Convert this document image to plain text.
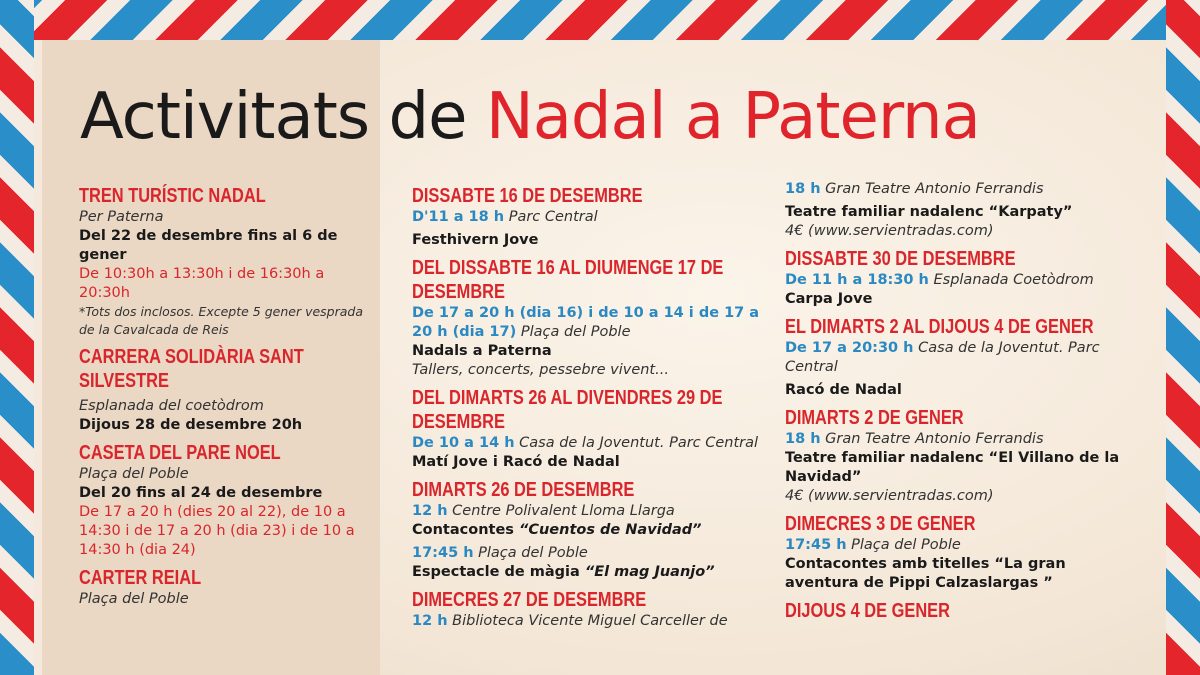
Activitats de Nadal a Paterna
TREN TURÍSTIC NADAL

Per Paterna

Del 22 de desembre fins al 6 de gener

De 10:30h a 13:30h i de 16:30h a 20:30h

*Tots dos inclosos. Excepte 5 gener vesprada de la Cavalcada de Reis

CARRERA SOLIDÀRIA SANT SILVESTRE

Esplanada del coetòdrom

Dijous 28 de desembre 20h

CASETA DEL PARE NOEL

Plaça del Poble

Del 20 fins al 24 de desembre

De 17 a 20 h (dies 20 al 22), de 10 a 14:30 i de 17 a 20 h (dia 23) i de 10 a 14:30 h (dia 24)

CARTER REIAL

Plaça del Poble

DISSABTE 16 DE DESEMBRE

D'11 a 18 h Parc Central

Festhivern Jove

DEL DISSABTE 16 AL DIUMENGE 17 DE DESEMBRE

De 17 a 20 h (dia 16) i de 10 a 14 i de 17 a 20 h (dia 17) Plaça del Poble

Nadals a Paterna

Tallers, concerts, pessebre vivent...

DEL DIMARTS 26 AL DIVENDRES 29 DE DESEMBRE

De 10 a 14 h Casa de la Joventut. Parc Central

Matí Jove i Racó de Nadal

DIMARTS 26 DE DESEMBRE

12 h Centre Polivalent Lloma Llarga

Contacontes “Cuentos de Navidad”

17:45 h Plaça del Poble

Espectacle de màgia “El mag Juanjo”

DIMECRES 27 DE DESEMBRE

12 h Biblioteca Vicente Miguel Carceller de

18 h Gran Teatre Antonio Ferrandis

Teatre familiar nadalenc “Karpaty”

4€ (www.servientradas.com)

DISSABTE 30 DE DESEMBRE

De 11 h a 18:30 h Esplanada Coetòdrom

Carpa Jove

EL DIMARTS 2 AL DIJOUS 4 DE GENER

De 17 a 20:30 h Casa de la Joventut. Parc Central

Racó de Nadal

DIMARTS 2 DE GENER

18 h Gran Teatre Antonio Ferrandis

Teatre familiar nadalenc “El Villano de la Navidad”

4€ (www.servientradas.com)

DIMECRES 3 DE GENER

17:45 h Plaça del Poble

Contacontes amb titelles “La gran aventura de Pippi Calzaslargas ”

DIJOUS 4 DE GENER
